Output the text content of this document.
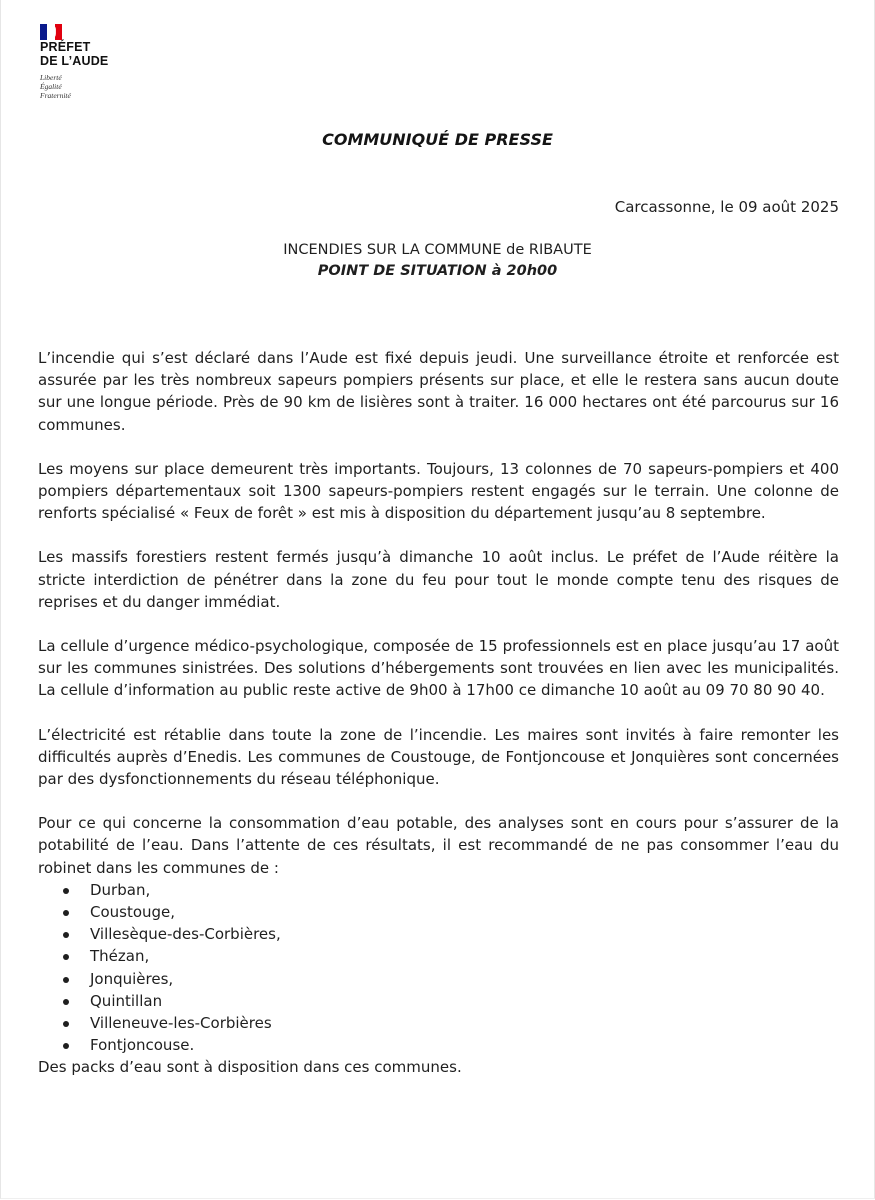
PRÉFET
DE L’AUDE
Liberté
Égalité
Fraternité
COMMUNIQUÉ DE PRESSE
Carcassonne, le 09 août 2025
INCENDIES SUR LA COMMUNE de RIBAUTE
POINT DE SITUATION à 20h00

L’incendie qui s’est déclaré dans l’Aude est fixé depuis jeudi. Une surveillance étroite et renforcée est assurée par les très nombreux sapeurs pompiers présents sur place, et elle le restera sans aucun doute sur une longue période. Près de 90 km de lisières sont à traiter. 16 000 hectares ont été parcourus sur 16 communes.

Les moyens sur place demeurent très importants. Toujours, 13 colonnes de 70 sapeurs-pompiers et 400 pompiers départementaux soit 1300 sapeurs-pompiers restent engagés sur le terrain. Une colonne de renforts spécialisé « Feux de forêt » est mis à disposition du département jusqu’au 8 septembre.

Les massifs forestiers restent fermés jusqu’à dimanche 10 août inclus. Le préfet de l’Aude réitère la stricte interdiction de pénétrer dans la zone du feu pour tout le monde compte tenu des risques de reprises et du danger immédiat.

La cellule d’urgence médico-psychologique, composée de 15 professionnels est en place jusqu’au 17 août sur les communes sinistrées. Des solutions d’hébergements sont trouvées en lien avec les municipalités. La cellule d’information au public reste active de 9h00 à 17h00 ce dimanche 10 août au 09 70 80 90 40.

L’électricité est rétablie dans toute la zone de l’incendie. Les maires sont invités à faire remonter les difficultés auprès d’Enedis. Les communes de Coustouge, de Fontjoncouse et Jonquières sont concernées par des dysfonctionnements du réseau téléphonique.

Pour ce qui concerne la consommation d’eau potable, des analyses sont en cours pour s’assurer de la potabilité de l’eau. Dans l’attente de ces résultats, il est recommandé de ne pas consommer l’eau du robinet dans les communes de :

Durban,
Coustouge,
Villesèque-des-Corbières,
Thézan,
Jonquières,
Quintillan
Villeneuve-les-Corbières
Fontjoncouse.
Des packs d’eau sont à disposition dans ces communes.
